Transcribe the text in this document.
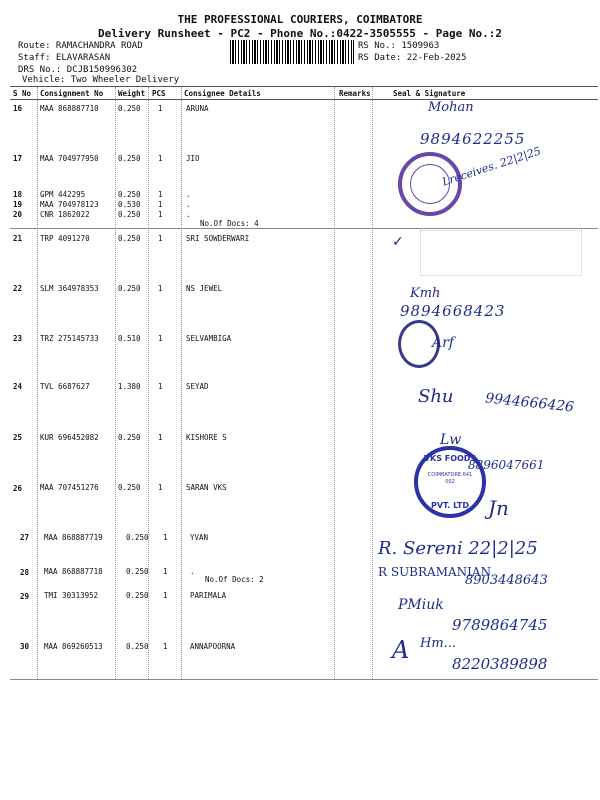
THE PROFESSIONAL COURIERS, COIMBATORE
Delivery Runsheet - PC2 - Phone No.:0422-3505555 - Page No.:2
Route: RAMACHANDRA ROAD
Staff: ELAVARASAN
DRS No.: DCJB150996302
Vehicle: Two Wheeler Delivery
RS No.: 1509963
RS Date: 22-Feb-2025
S No Consignment No Weight PCS Consignee Details	Remarks	Seal & Signature
16 MAA 868887710	0.250 1	ARUNA
17 MAA 704977950	0.250 1	JIO
18 GPM 442295	0.250 1	.
19 MAA 704978123	0.530 1	.
20 CNR 1862022	0.250 1	.
No.Of Docs: 4
21 TRP 4091270	0.250 1	SRI SOWDERWARI
22 SLM 364978353	0.250 1	NS JEWEL
23 TRZ 275145733	0.510 1	SELVAMBIGA
24 TVL 6687627	1.380 1	SEYAD
25 KUR 696452082	0.250 1	KISHORE S
26 MAA 707451276	0.250 1	SARAN VKS
27 MAA 868887719	0.250 1	YVAN
28 MAA 868887718	0.250 1	.
No.Of Docs: 2
29 TMI 30313952	0.250 1	PARIMALA
30 MAA 869260513	0.250 1	ANNAPOORNA
Mohan
9894622255
Lreceives. 22|2|25
✓
Kmh
9894668423
Arf
Shu 9944666426
Lw
VKS FOODS
COIMBATORE 641 002
PVT. LTD
8896047661
Jn
R. Sereni 22|2|25
R SUBRAMANIAN
8903448643
PMiuk
9789864745
A Hm...
8220389898
